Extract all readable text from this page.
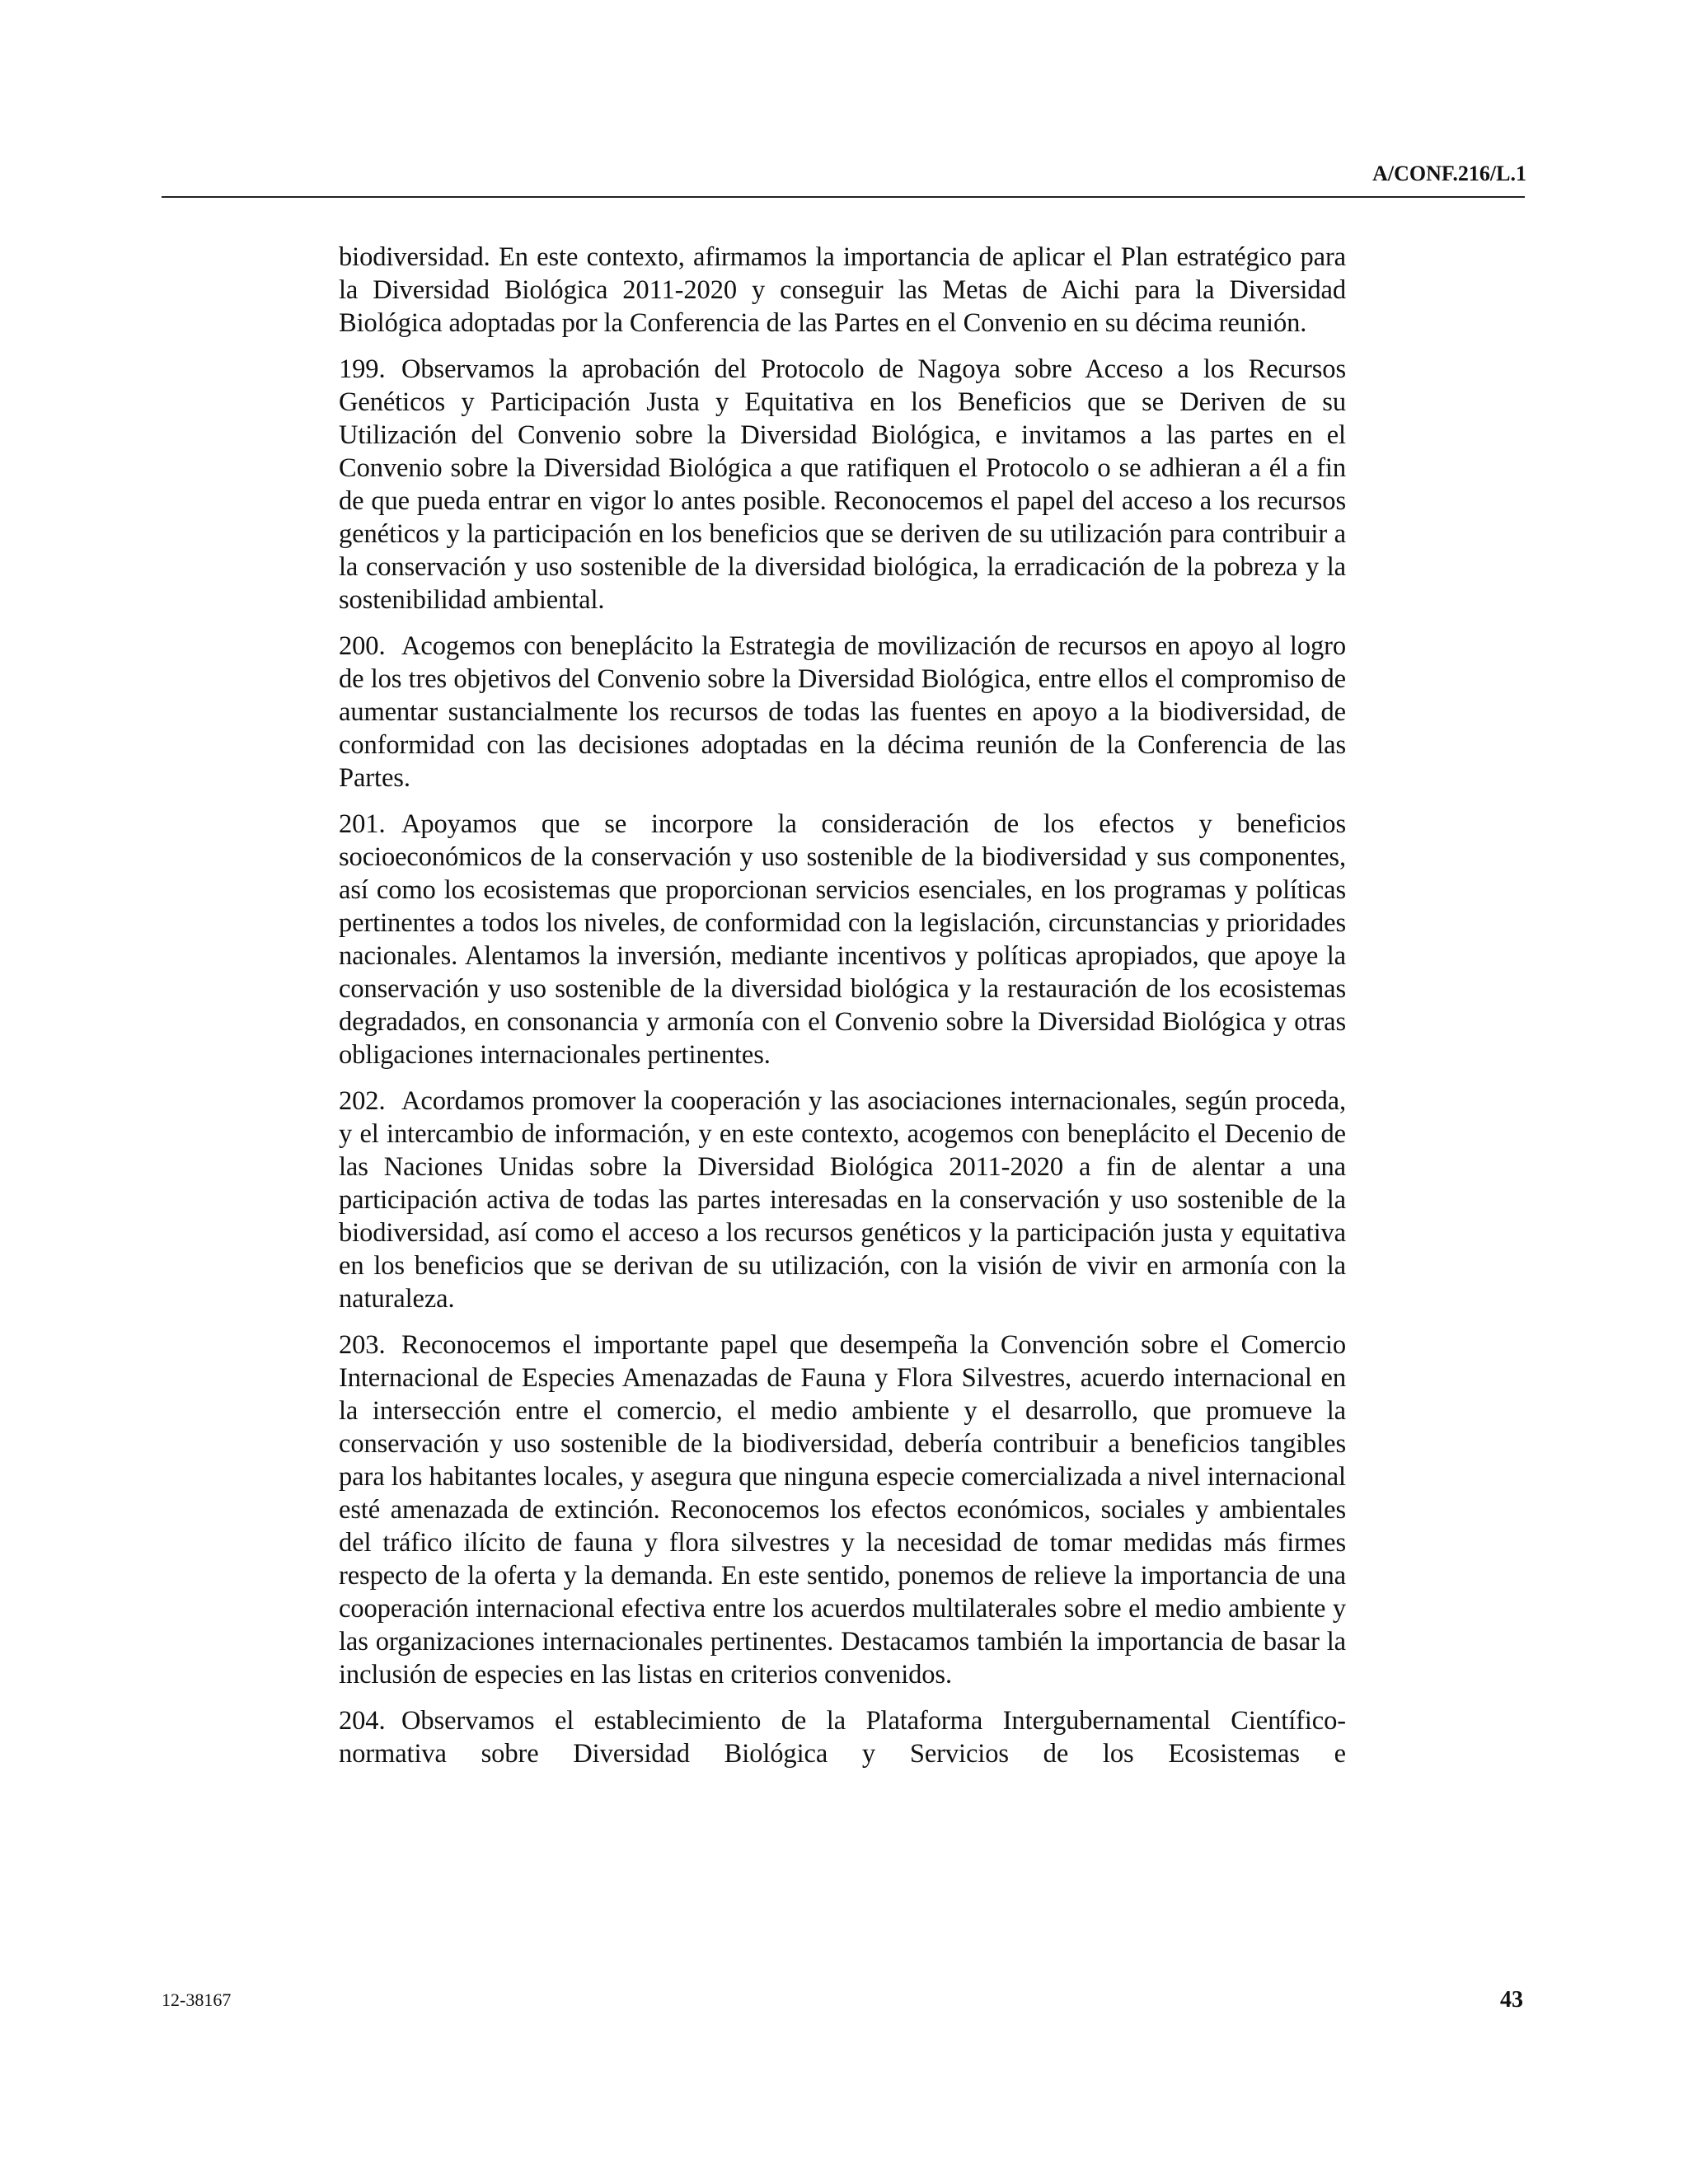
A/CONF.216/L.1

biodiversidad. En este contexto, afirmamos la importancia de aplicar el Plan estratégico para la Diversidad Biológica 2011-2020 y conseguir las Metas de Aichi para la Diversidad Biológica adoptadas por la Conferencia de las Partes en el Convenio en su décima reunión.

199. Observamos la aprobación del Protocolo de Nagoya sobre Acceso a los Recursos Genéticos y Participación Justa y Equitativa en los Beneficios que se Deriven de su Utilización del Convenio sobre la Diversidad Biológica, e invitamos a las partes en el Convenio sobre la Diversidad Biológica a que ratifiquen el Protocolo o se adhieran a él a fin de que pueda entrar en vigor lo antes posible. Reconocemos el papel del acceso a los recursos genéticos y la participación en los beneficios que se deriven de su utilización para contribuir a la conservación y uso sostenible de la diversidad biológica, la erradicación de la pobreza y la sostenibilidad ambiental.

200. Acogemos con beneplácito la Estrategia de movilización de recursos en apoyo al logro de los tres objetivos del Convenio sobre la Diversidad Biológica, entre ellos el compromiso de aumentar sustancialmente los recursos de todas las fuentes en apoyo a la biodiversidad, de conformidad con las decisiones adoptadas en la décima reunión de la Conferencia de las Partes.

201. Apoyamos que se incorpore la consideración de los efectos y beneficios socioeconómicos de la conservación y uso sostenible de la biodiversidad y sus componentes, así como los ecosistemas que proporcionan servicios esenciales, en los programas y políticas pertinentes a todos los niveles, de conformidad con la legislación, circunstancias y prioridades nacionales. Alentamos la inversión, mediante incentivos y políticas apropiados, que apoye la conservación y uso sostenible de la diversidad biológica y la restauración de los ecosistemas degradados, en consonancia y armonía con el Convenio sobre la Diversidad Biológica y otras obligaciones internacionales pertinentes.

202. Acordamos promover la cooperación y las asociaciones internacionales, según proceda, y el intercambio de información, y en este contexto, acogemos con beneplácito el Decenio de las Naciones Unidas sobre la Diversidad Biológica 2011-2020 a fin de alentar a una participación activa de todas las partes interesadas en la conservación y uso sostenible de la biodiversidad, así como el acceso a los recursos genéticos y la participación justa y equitativa en los beneficios que se derivan de su utilización, con la visión de vivir en armonía con la naturaleza.

203. Reconocemos el importante papel que desempeña la Convención sobre el Comercio Internacional de Especies Amenazadas de Fauna y Flora Silvestres, acuerdo internacional en la intersección entre el comercio, el medio ambiente y el desarrollo, que promueve la conservación y uso sostenible de la biodiversidad, debería contribuir a beneficios tangibles para los habitantes locales, y asegura que ninguna especie comercializada a nivel internacional esté amenazada de extinción. Reconocemos los efectos económicos, sociales y ambientales del tráfico ilícito de fauna y flora silvestres y la necesidad de tomar medidas más firmes respecto de la oferta y la demanda. En este sentido, ponemos de relieve la importancia de una cooperación internacional efectiva entre los acuerdos multilaterales sobre el medio ambiente y las organizaciones internacionales pertinentes. Destacamos también la importancia de basar la inclusión de especies en las listas en criterios convenidos.

204. Observamos el establecimiento de la Plataforma Intergubernamental Científico-normativa sobre Diversidad Biológica y Servicios de los Ecosistemas e

12-38167	43
